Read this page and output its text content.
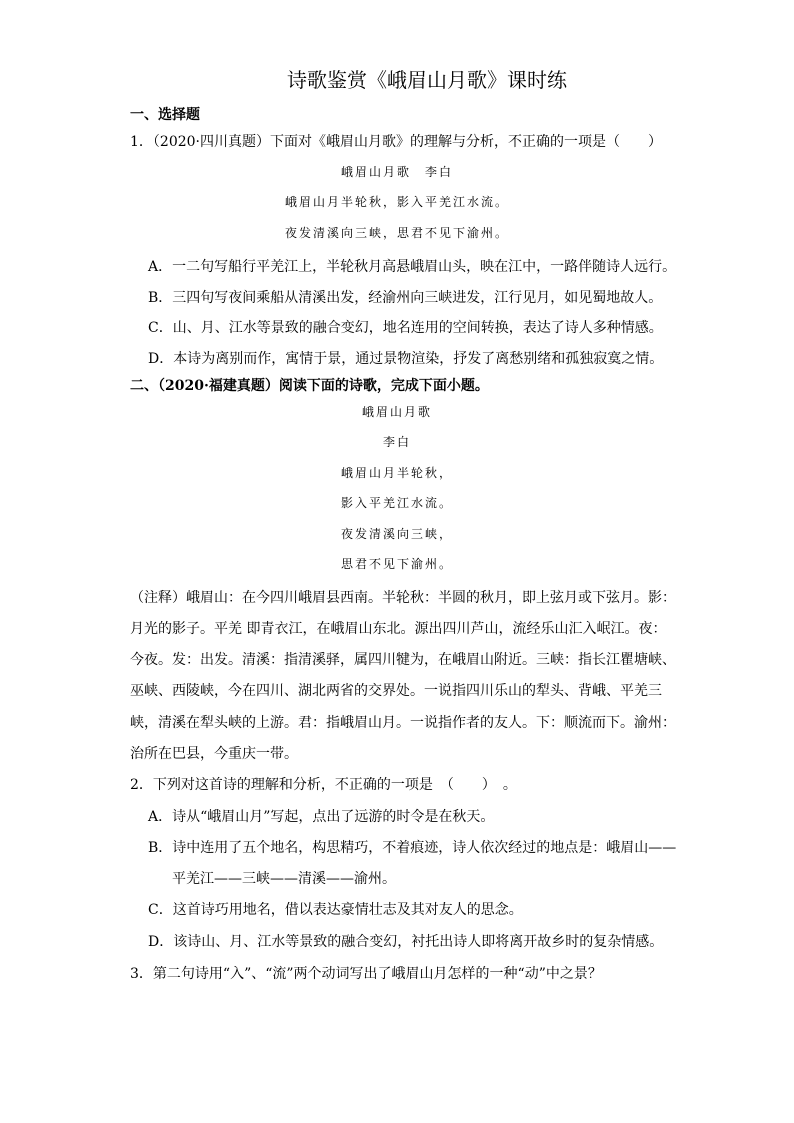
诗歌鉴赏《峨眉山月歌》课时练
一、选择题
1．（2020·四川真题）下面对《峨眉山月歌》的理解与分析，不正确的一项是（　　）
峨眉山月歌　李白
峨眉山月半轮秋，影入平羌江水流。
夜发清溪向三峡，思君不见下渝州。
A．一二句写船行平羌江上，半轮秋月高悬峨眉山头，映在江中，一路伴随诗人远行。
B．三四句写夜间乘船从清溪出发，经渝州向三峡进发，江行见月，如见蜀地故人。
C．山、月、江水等景致的融合变幻，地名连用的空间转换，表达了诗人多种情感。
D．本诗为离别而作，寓情于景，通过景物渲染，抒发了离愁别绪和孤独寂寞之情。
二、（2020·福建真题）阅读下面的诗歌，完成下面小题。
峨眉山月歌
李白
峨眉山月半轮秋，
影入平羌江水流。
夜发清溪向三峡，
思君不见下渝州。
（注释）峨眉山：在今四川峨眉县西南。半轮秋：半圆的秋月，即上弦月或下弦月。影：
月光的影子。平羌 即青衣江，在峨眉山东北。源出四川芦山，流经乐山汇入岷江。夜：
今夜。发：出发。清溪：指清溪驿，属四川犍为，在峨眉山附近。三峡：指长江瞿塘峡、
巫峡、西陵峡，今在四川、湖北两省的交界处。一说指四川乐山的犁头、背峨、平羌三
峡，清溪在犁头峡的上游。君：指峨眉山月。一说指作者的友人。下：顺流而下。渝州：
治所在巴县，今重庆一带。
2．下列对这首诗的理解和分析，不正确的一项是　（　　）　。
A．诗从“峨眉山月”写起，点出了远游的时令是在秋天。
B．诗中连用了五个地名，构思精巧，不着痕迹，诗人依次经过的地点是：峨眉山——
平羌江——三峡——清溪——渝州。
C．这首诗巧用地名，借以表达豪情壮志及其对友人的思念。
D．该诗山、月、江水等景致的融合变幻，衬托出诗人即将离开故乡时的复杂情感。
3．第二句诗用“入”、“流”两个动词写出了峨眉山月怎样的一种“动”中之景？
